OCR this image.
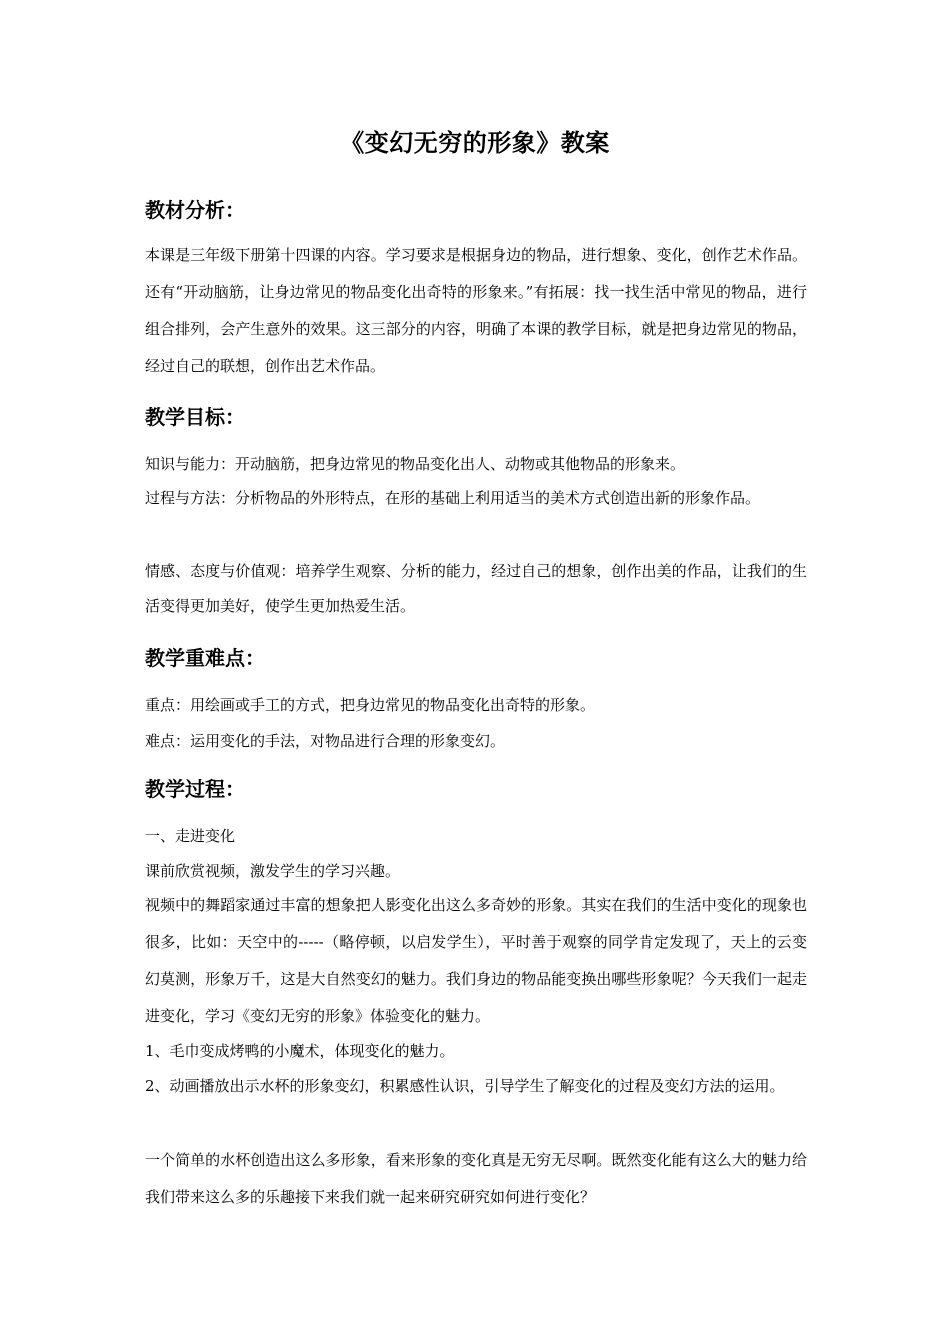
《变幻无穷的形象》教案
教材分析：
本课是三年级下册第十四课的内容。学习要求是根据身边的物品，进行想象、变化，创作艺术作品。还有“开动脑筋，让身边常见的物品变化出奇特的形象来。”有拓展：找一找生活中常见的物品，进行组合排列，会产生意外的效果。这三部分的内容，明确了本课的教学目标，就是把身边常见的物品，经过自己的联想，创作出艺术作品。
教学目标：
知识与能力：开动脑筋，把身边常见的物品变化出人、动物或其他物品的形象来。
过程与方法：分析物品的外形特点，在形的基础上利用适当的美术方式创造出新的形象作品。
情感、态度与价值观：培养学生观察、分析的能力，经过自己的想象，创作出美的作品，让我们的生活变得更加美好，使学生更加热爱生活。
教学重难点：
重点：用绘画或手工的方式，把身边常见的物品变化出奇特的形象。
难点：运用变化的手法，对物品进行合理的形象变幻。
教学过程：
一、走进变化
课前欣赏视频，激发学生的学习兴趣。
视频中的舞蹈家通过丰富的想象把人影变化出这么多奇妙的形象。其实在我们的生活中变化的现象也很多，比如：天空中的-----（略停顿，以启发学生），平时善于观察的同学肯定发现了，天上的云变幻莫测，形象万千，这是大自然变幻的魅力。我们身边的物品能变换出哪些形象呢？今天我们一起走进变化，学习《变幻无穷的形象》体验变化的魅力。
1、毛巾变成烤鸭的小魔术，体现变化的魅力。
2、动画播放出示水杯的形象变幻，积累感性认识，引导学生了解变化的过程及变幻方法的运用。
一个简单的水杯创造出这么多形象，看来形象的变化真是无穷无尽啊。既然变化能有这么大的魅力给我们带来这么多的乐趣接下来我们就一起来研究研究如何进行变化？
